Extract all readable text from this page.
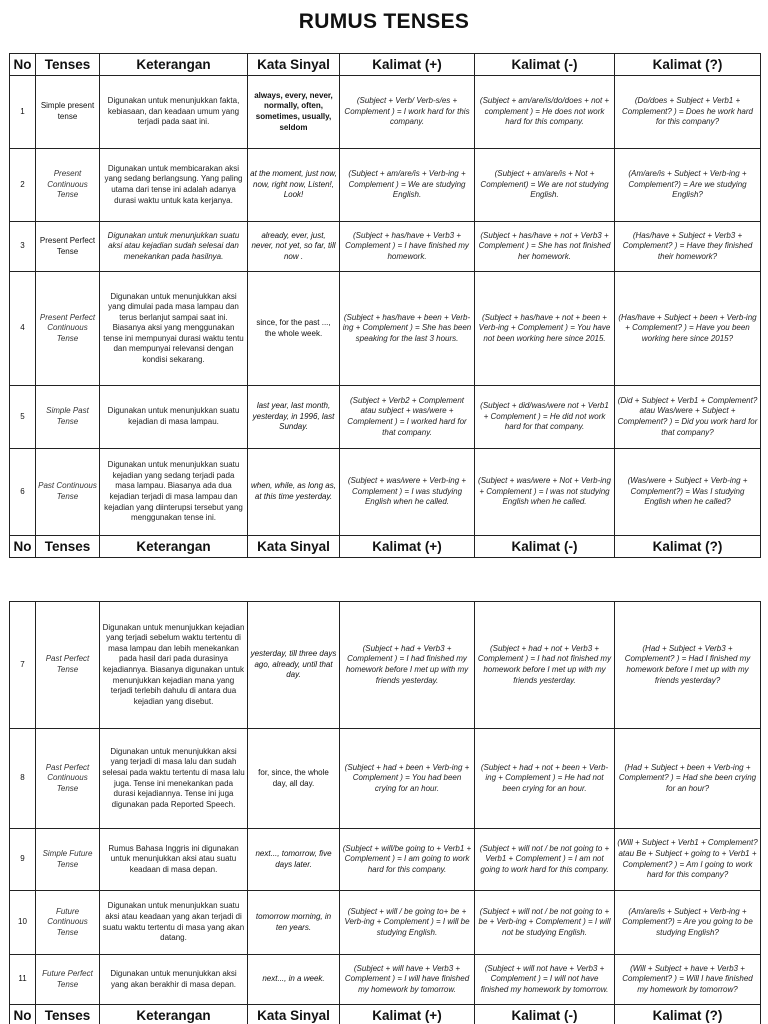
RUMUS TENSES
No	Tenses	Keterangan	Kata Sinyal	Kalimat (+)	Kalimat (-)	Kalimat (?)
1	Simple present tense	Digunakan untuk menunjukkan fakta, kebiasaan, dan keadaan umum yang terjadi pada saat ini.	always, every, never, normally, often, sometimes, usually, seldom	(Subject + Verb/ Verb-s/es + Complement ) = I work hard for this company.	(Subject + am/are/is/do/does + not + complement ) = He does not work hard for this company.	(Do/does + Subject + Verb1 + Complement? ) = Does he work hard for this company?
2	Present Continuous Tense	Digunakan untuk membicarakan aksi yang sedang berlangsung. Yang paling utama dari tense ini adalah adanya durasi waktu untuk kata kerjanya.	at the moment, just now, now, right now, Listen!, Look!	(Subject + am/are/is + Verb-ing + Complement ) = We are studying English.	(Subject + am/are/is + Not + Complement) = We are not studying English.	(Am/are/is + Subject + Verb-ing + Complement?) = Are we studying English?
3	Present Perfect Tense	Digunakan untuk menunjukkan suatu aksi atau kejadian sudah selesai dan menekankan pada hasilnya.	already, ever, just, never, not yet, so far, till now .	(Subject + has/have + Verb3 + Complement ) = I have finished my homework.	(Subject + has/have + not + Verb3 + Complement ) = She has not finished her homework.	(Has/have + Subject + Verb3 + Complement? ) = Have they finished their homework?
4	Present Perfect Continuous Tense	Digunakan untuk menunjukkan aksi yang dimulai pada masa lampau dan terus berlanjut sampai saat ini. Biasanya aksi yang menggunakan tense ini mempunyai durasi waktu tentu dan mempunyai relevansi dengan kondisi sekarang.	since, for the past ..., the whole week.	(Subject + has/have + been + Verb-ing + Complement ) = She has been speaking for the last 3 hours.	(Subject + has/have + not + been + Verb-ing + Complement ) = You have not been working here since 2015.	(Has/have + Subject + been + Verb-ing + Complement? ) = Have you been working here since 2015?
5	Simple Past Tense	Digunakan untuk menunjukkan suatu kejadian di masa lampau.	last year, last month, yesterday, in 1996, last Sunday.	(Subject + Verb2 + Complement atau subject + was/were + Complement ) = I worked hard for that company.	(Subject + did/was/were not + Verb1 + Complement ) = He did not work hard for that company.	(Did + Subject + Verb1 + Complement? atau Was/were + Subject + Complement? ) = Did you work hard for that company?
6	Past Continuous Tense	Digunakan untuk menunjukkan suatu kejadian yang sedang terjadi pada masa lampau. Biasanya ada dua kejadian terjadi di masa lampau dan kejadian yang diinterupsi tersebut yang menggunakan tense ini.	when, while, as long as, at this time yesterday.	(Subject + was/were + Verb-ing + Complement ) = I was studying English when he called.	(Subject + was/were + Not + Verb-ing + Complement ) = I was not studying English when he called.	(Was/were + Subject + Verb-ing + Complement?) = Was I studying English when he called?
No	Tenses	Keterangan	Kata Sinyal	Kalimat (+)	Kalimat (-)	Kalimat (?)
7	Past Perfect Tense	Digunakan untuk menunjukkan kejadian yang terjadi sebelum waktu tertentu di masa lampau dan lebih menekankan pada hasil dari pada durasinya kejadiannya. Biasanya digunakan untuk menunjukkan kejadian mana yang terjadi terlebih dahulu di antara dua kejadian yang disebut.	yesterday, till three days ago, already, until that day.	(Subject + had + Verb3 + Complement ) = I had finished my homework before I met up with my friends yesterday.	(Subject + had + not + Verb3 + Complement ) = I had not finished my homework before I met up with my friends yesterday.	(Had + Subject + Verb3 + Complement? ) = Had I finished my homework before I met up with my friends yesterday?
8	Past Perfect Continuous Tense	Digunakan untuk menunjukkan aksi yang terjadi di masa lalu dan sudah selesai pada waktu tertentu di masa lalu juga. Tense ini menekankan pada durasi kejadiannya. Tense ini juga digunakan pada Reported Speech.	for, since, the whole day, all day.	(Subject + had + been + Verb-ing + Complement ) = You had been crying for an hour.	(Subject + had + not + been + Verb-ing + Complement ) = He had not been crying for an hour.	(Had + Subject + been + Verb-ing + Complement? ) = Had she been crying for an hour?
9	Simple Future Tense	Rumus Bahasa Inggris ini digunakan untuk menunjukkan aksi atau suatu keadaan di masa depan.	next..., tomorrow, five days later.	(Subject + will/be going to + Verb1 + Complement ) = I am going to work hard for this company.	(Subject + will not / be not going to + Verb1 + Complement ) = I am not going to work hard for this company.	(Will + Subject + Verb1 + Complement? atau Be + Subject + going to + Verb1 + Complement? ) = Am I going to work hard for this company?
10	Future Continuous Tense	Digunakan untuk menunjukkan suatu aksi atau keadaan yang akan terjadi di suatu waktu tertentu di masa yang akan datang.	tomorrow morning, in ten years.	(Subject + will / be going to+ be + Verb-ing + Complement ) = I will be studying English.	(Subject + will not / be not going to + be + Verb-ing + Complement ) = I will not be studying English.	(Am/are/is + Subject + Verb-ing + Complement?) = Are you going to be studying English?
11	Future Perfect Tense	Digunakan untuk menunjukkan aksi yang akan berakhir di masa depan.	next..., in a week.	(Subject + will have + Verb3 + Complement ) = I will have finished my homework by tomorrow.	(Subject + will not have + Verb3 + Complement ) = I will not have finished my homework by tomorrow.	(Will + Subject + have + Verb3 + Complement? ) = Will I have finished my homework by tomorrow?
No	Tenses	Keterangan	Kata Sinyal	Kalimat (+)	Kalimat (-)	Kalimat (?)
